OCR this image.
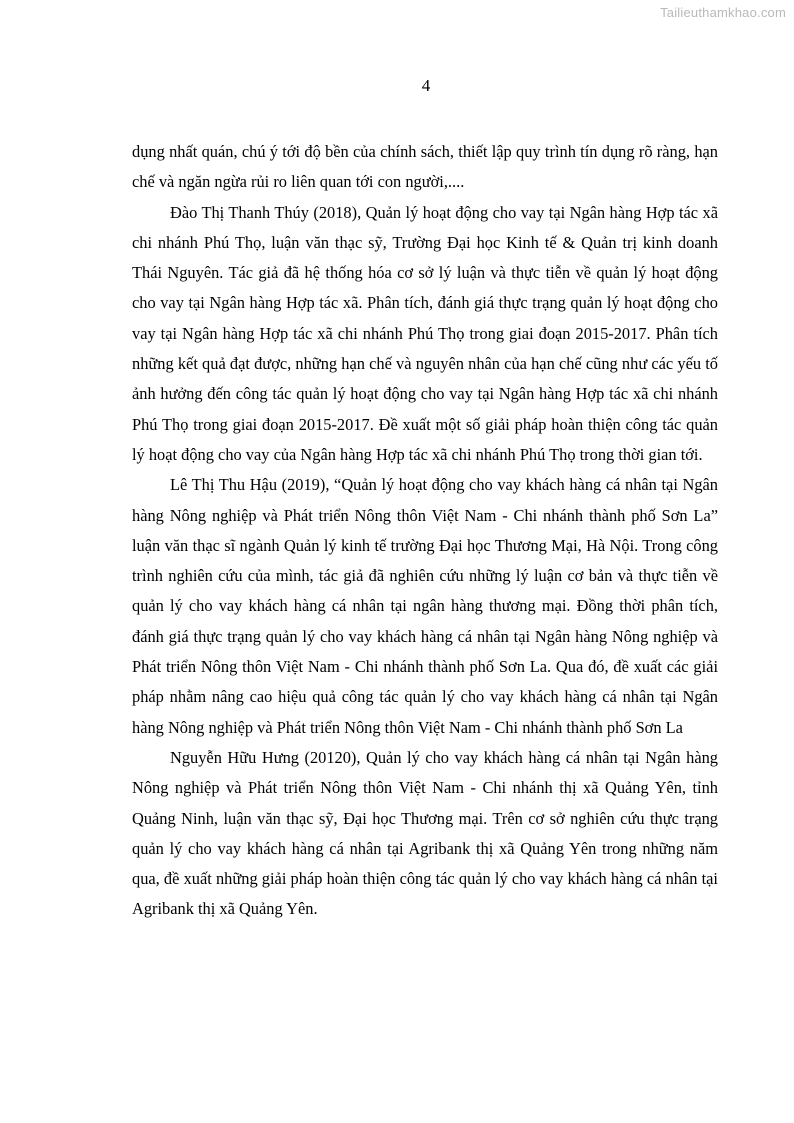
Tailieuthamkhao.com
4

dụng nhất quán, chú ý tới độ bền của chính sách, thiết lập quy trình tín dụng rõ ràng, hạn chế và ngăn ngừa rủi ro liên quan tới con người,....

Đào Thị Thanh Thúy (2018), Quản lý hoạt động cho vay tại Ngân hàng Hợp tác xã chi nhánh Phú Thọ, luận văn thạc sỹ, Trường Đại học Kinh tế & Quản trị kinh doanh Thái Nguyên. Tác giả đã hệ thống hóa cơ sở lý luận và thực tiễn về quản lý hoạt động cho vay tại Ngân hàng Hợp tác xã. Phân tích, đánh giá thực trạng quản lý hoạt động cho vay tại Ngân hàng Hợp tác xã chi nhánh Phú Thọ trong giai đoạn 2015-2017. Phân tích những kết quả đạt được, những hạn chế và nguyên nhân của hạn chế cũng như các yếu tố ảnh hưởng đến công tác quản lý hoạt động cho vay tại Ngân hàng Hợp tác xã chi nhánh Phú Thọ trong giai đoạn 2015-2017. Đề xuất một số giải pháp hoàn thiện công tác quản lý hoạt động cho vay của Ngân hàng Hợp tác xã chi nhánh Phú Thọ trong thời gian tới.

Lê Thị Thu Hậu (2019), “Quản lý hoạt động cho vay khách hàng cá nhân tại Ngân hàng Nông nghiệp và Phát triển Nông thôn Việt Nam - Chi nhánh thành phố Sơn La” luận văn thạc sĩ ngành Quản lý kinh tế trường Đại học Thương Mại, Hà Nội. Trong công trình nghiên cứu của mình, tác giả đã nghiên cứu những lý luận cơ bản và thực tiễn về quản lý cho vay khách hàng cá nhân tại ngân hàng thương mại. Đồng thời phân tích, đánh giá thực trạng quản lý cho vay khách hàng cá nhân tại Ngân hàng Nông nghiệp và Phát triển Nông thôn Việt Nam - Chi nhánh thành phố Sơn La. Qua đó, đề xuất các giải pháp nhằm nâng cao hiệu quả công tác quản lý cho vay khách hàng cá nhân tại Ngân hàng Nông nghiệp và Phát triển Nông thôn Việt Nam - Chi nhánh thành phố Sơn La

Nguyễn Hữu Hưng (20120), Quản lý cho vay khách hàng cá nhân tại Ngân hàng Nông nghiệp và Phát triển Nông thôn Việt Nam - Chi nhánh thị xã Quảng Yên, tỉnh Quảng Ninh, luận văn thạc sỹ, Đại học Thương mại. Trên cơ sở nghiên cứu thực trạng quản lý cho vay khách hàng cá nhân tại Agribank thị xã Quảng Yên trong những năm qua, đề xuất những giải pháp hoàn thiện công tác quản lý cho vay khách hàng cá nhân tại Agribank thị xã Quảng Yên.
